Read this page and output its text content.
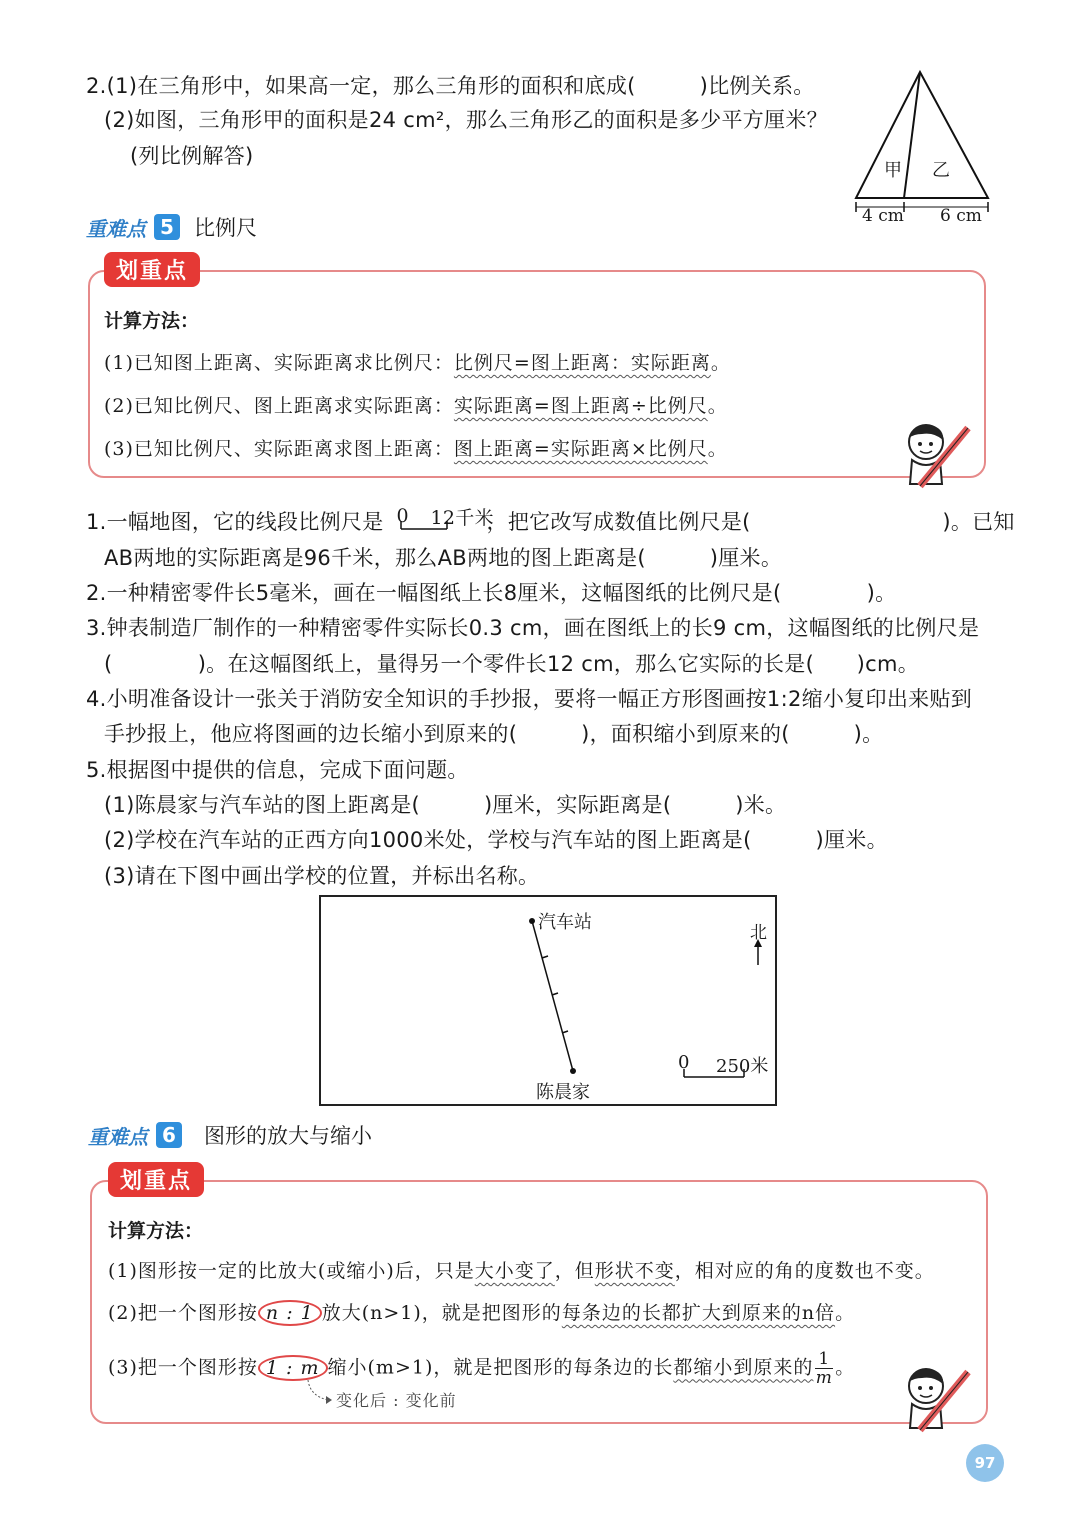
2.(1)在三角形中，如果高一定，那么三角形的面积和底成(　　　)比例关系。
(2)如图，三角形甲的面积是24 cm²，那么三角形乙的面积是多少平方厘米？
(列比例解答)
甲 乙
4 cm 6 cm
重难点 5 比例尺
划重点
计算方法：
(1)已知图上距离、实际距离求比例尺：比例尺=图上距离：实际距离。
(2)已知比例尺、图上距离求实际距离：实际距离=图上距离÷比例尺。
(3)已知比例尺、实际距离求图上距离：图上距离=实际距离×比例尺。
1.一幅地图，它的线段比例尺是 0 12千米
，把它改写成数值比例尺是(　　　　　　　　　)。已知
AB两地的实际距离是96千米，那么AB两地的图上距离是(　　　)厘米。
2.一种精密零件长5毫米，画在一幅图纸上长8厘米，这幅图纸的比例尺是(　　　　)。
3.钟表制造厂制作的一种精密零件实际长0.3 cm，画在图纸上的长9 cm，这幅图纸的比例尺是
(　　　　)。在这幅图纸上，量得另一个零件长12 cm，那么它实际的长是(　　)cm。
4.小明准备设计一张关于消防安全知识的手抄报，要将一幅正方形图画按1:2缩小复印出来贴到
手抄报上，他应将图画的边长缩小到原来的(　　　)，面积缩小到原来的(　　　)。
5.根据图中提供的信息，完成下面问题。
(1)陈晨家与汽车站的图上距离是(　　　)厘米，实际距离是(　　　)米。
(2)学校在汽车站的正西方向1000米处，学校与汽车站的图上距离是(　　　)厘米。
(3)请在下图中画出学校的位置，并标出名称。
汽车站
陈晨家
北
0 250米
重难点 6 图形的放大与缩小
划重点
计算方法：
(1)图形按一定的比放大(或缩小)后，只是大小变了，但形状不变，相对应的角的度数也不变。
(2)把一个图形按 n : 1 放大(n>1)，就是把图形的每条边的长都扩大到原来的n倍。
(3)把一个图形按 1 : m 缩小(m>1)，就是把图形的每条边的长都缩小到原来的 $\frac{1}{m}$ 。
变化后 : 变化前
97
